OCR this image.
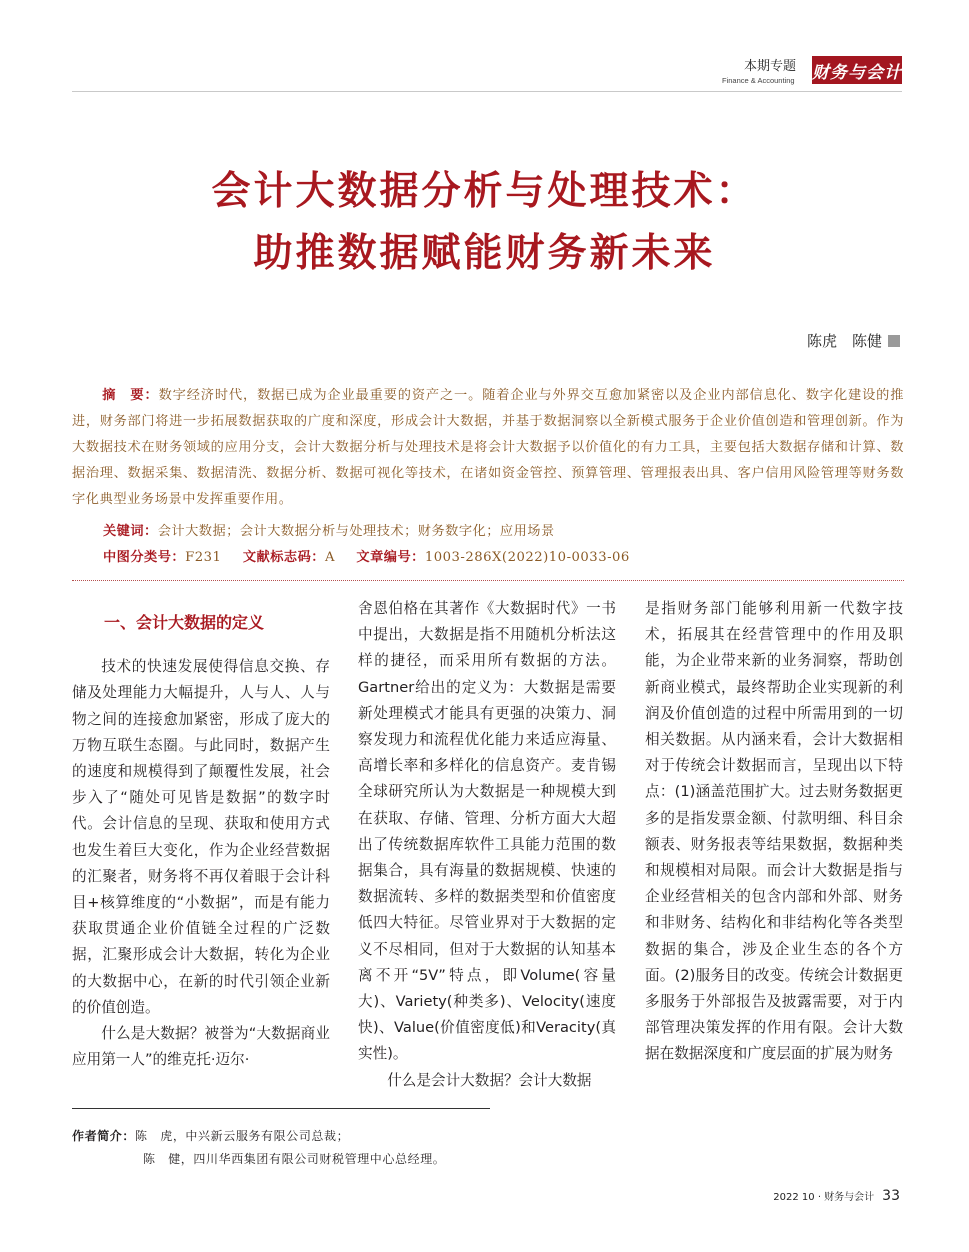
本期专题
Finance & Accounting 财务与会计
会计大数据分析与处理技术：
助推数据赋能财务新未来
陈虎　陈健
摘　要：数字经济时代，数据已成为企业最重要的资产之一。随着企业与外界交互愈加紧密以及企业内部信息化、数字化建设的推进，财务部门将进一步拓展数据获取的广度和深度，形成会计大数据，并基于数据洞察以全新模式服务于企业价值创造和管理创新。作为大数据技术在财务领域的应用分支，会计大数据分析与处理技术是将会计大数据予以价值化的有力工具，主要包括大数据存储和计算、数据治理、数据采集、数据清洗、数据分析、数据可视化等技术，在诸如资金管控、预算管理、管理报表出具、客户信用风险管理等财务数字化典型业务场景中发挥重要作用。
关键词：会计大数据；会计大数据分析与处理技术；财务数字化；应用场景
中图分类号：F231 文献标志码：A 文章编号：1003-286X(2022)10-0033-06
一、会计大数据的定义

技术的快速发展使得信息交换、存储及处理能力大幅提升，人与人、人与物之间的连接愈加紧密，形成了庞大的万物互联生态圈。与此同时，数据产生的速度和规模得到了颠覆性发展，社会步入了“随处可见皆是数据”的数字时代。会计信息的呈现、获取和使用方式也发生着巨大变化，作为企业经营数据的汇聚者，财务将不再仅着眼于会计科目+核算维度的“小数据”，而是有能力获取贯通企业价值链全过程的广泛数据，汇聚形成会计大数据，转化为企业的大数据中心，在新的时代引领企业新的价值创造。

什么是大数据？被誉为“大数据商业应用第一人”的维克托·迈尔·

舍恩伯格在其著作《大数据时代》一书中提出，大数据是指不用随机分析法这样的捷径，而采用所有数据的方法。Gartner给出的定义为：大数据是需要新处理模式才能具有更强的决策力、洞察发现力和流程优化能力来适应海量、高增长率和多样化的信息资产。麦肯锡全球研究所认为大数据是一种规模大到在获取、存储、管理、分析方面大大超出了传统数据库软件工具能力范围的数据集合，具有海量的数据规模、快速的数据流转、多样的数据类型和价值密度低四大特征。尽管业界对于大数据的定义不尽相同，但对于大数据的认知基本离不开“5V”特点，即Volume(容量大)、Variety(种类多)、Velocity(速度快)、Value(价值密度低)和Veracity(真实性)。

什么是会计大数据？会计大数据

是指财务部门能够利用新一代数字技术，拓展其在经营管理中的作用及职能，为企业带来新的业务洞察，帮助创新商业模式，最终帮助企业实现新的利润及价值创造的过程中所需用到的一切相关数据。从内涵来看，会计大数据相对于传统会计数据而言，呈现出以下特点：(1)涵盖范围扩大。过去财务数据更多的是指发票金额、付款明细、科目余额表、财务报表等结果数据，数据种类和规模相对局限。而会计大数据是指与企业经营相关的包含内部和外部、财务和非财务、结构化和非结构化等各类型数据的集合，涉及企业生态的各个方面。(2)服务目的改变。传统会计数据更多服务于外部报告及披露需要，对于内部管理决策发挥的作用有限。会计大数据在数据深度和广度层面的扩展为财务

作者简介：陈　虎，中兴新云服务有限公司总裁；
陈　健，四川华西集团有限公司财税管理中心总经理。
2022 10 · 财务与会计 33
